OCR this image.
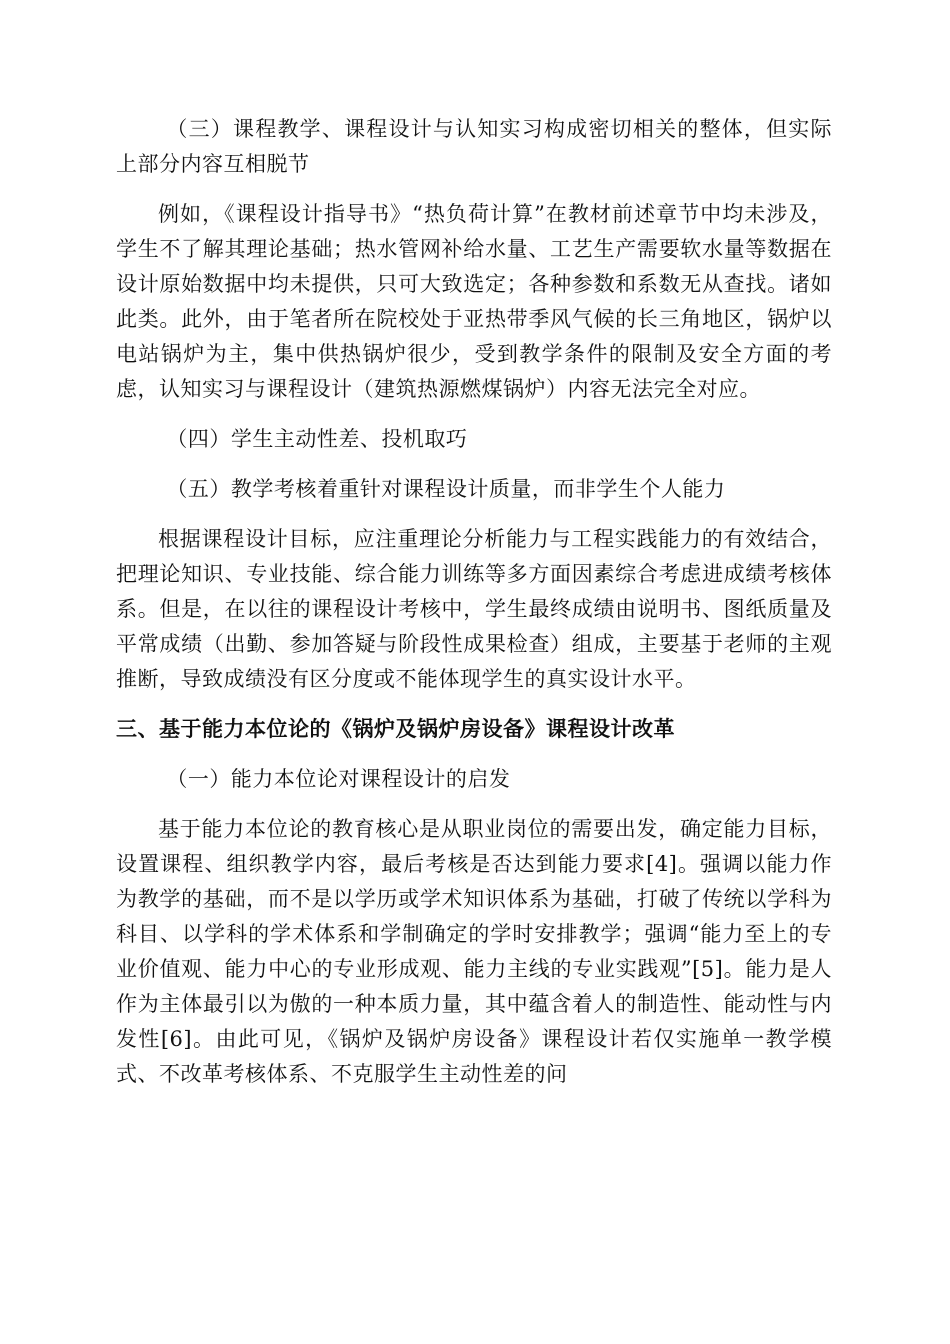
（三）课程教学、课程设计与认知实习构成密切相关的整体，但实际上部分内容互相脱节

例如，《课程设计指导书》“热负荷计算”在教材前述章节中均未涉及，学生不了解其理论基础；热水管网补给水量、工艺生产需要软水量等数据在设计原始数据中均未提供，只可大致选定；各种参数和系数无从查找。诸如此类。此外，由于笔者所在院校处于亚热带季风气候的长三角地区，锅炉以电站锅炉为主，集中供热锅炉很少，受到教学条件的限制及安全方面的考虑，认知实习与课程设计（建筑热源燃煤锅炉）内容无法完全对应。

（四）学生主动性差、投机取巧

（五）教学考核着重针对课程设计质量，而非学生个人能力

根据课程设计目标，应注重理论分析能力与工程实践能力的有效结合，把理论知识、专业技能、综合能力训练等多方面因素综合考虑进成绩考核体系。但是，在以往的课程设计考核中，学生最终成绩由说明书、图纸质量及平常成绩（出勤、参加答疑与阶段性成果检查）组成，主要基于老师的主观推断，导致成绩没有区分度或不能体现学生的真实设计水平。

三、基于能力本位论的《锅炉及锅炉房设备》课程设计改革

（一）能力本位论对课程设计的启发

基于能力本位论的教育核心是从职业岗位的需要出发，确定能力目标，设置课程、组织教学内容，最后考核是否达到能力要求[4]。强调以能力作为教学的基础，而不是以学历或学术知识体系为基础，打破了传统以学科为科目、以学科的学术体系和学制确定的学时安排教学；强调“能力至上的专业价值观、能力中心的专业形成观、能力主线的专业实践观”[5]。能力是人作为主体最引以为傲的一种本质力量，其中蕴含着人的制造性、能动性与内发性[6]。由此可见，《锅炉及锅炉房设备》课程设计若仅实施单一教学模式、不改革考核体系、不克服学生主动性差的问
